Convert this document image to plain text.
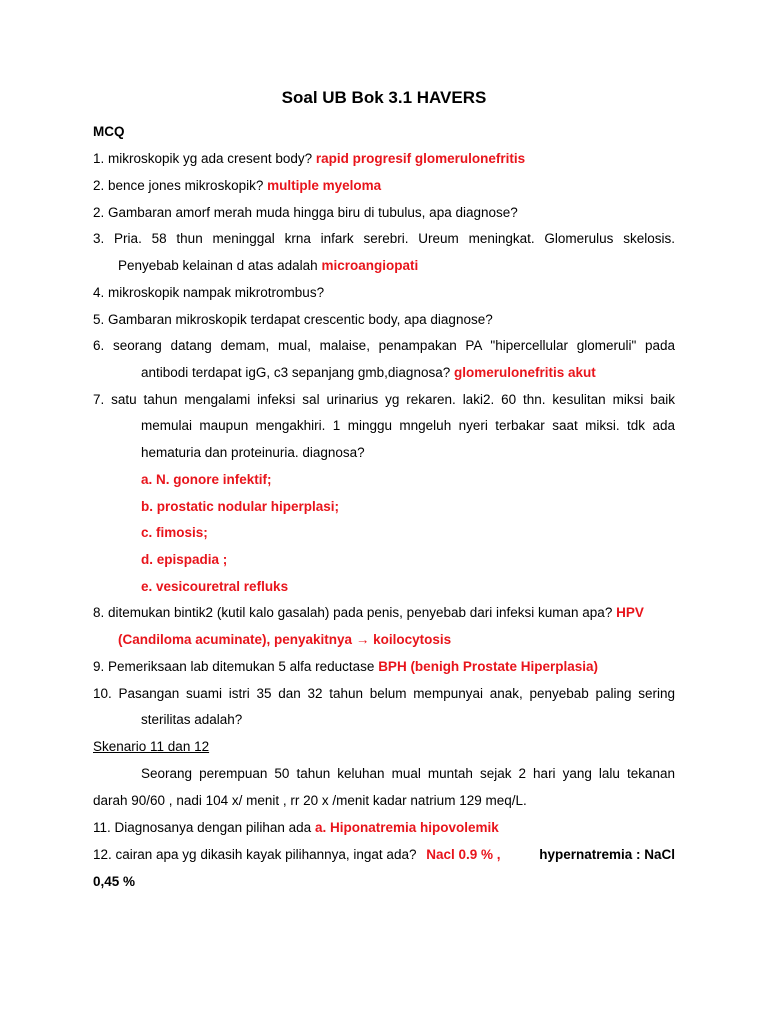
Soal UB Bok 3.1 HAVERS
MCQ
1. mikroskopik yg ada cresent body? rapid progresif glomerulonefritis
2. bence jones mikroskopik? multiple myeloma
2. Gambaran amorf merah muda hingga biru di tubulus, apa diagnose?
3. Pria. 58 thun meninggal krna infark serebri. Ureum meningkat. Glomerulus skelosis.
Penyebab kelainan d atas adalah microangiopati
4. mikroskopik nampak mikrotrombus?
5. Gambaran mikroskopik terdapat crescentic body, apa diagnose?
6. seorang datang demam, mual, malaise, penampakan PA "hipercellular glomeruli" pada
antibodi terdapat igG, c3 sepanjang gmb,diagnosa? glomerulonefritis akut
7. satu tahun mengalami infeksi sal urinarius yg rekaren. laki2. 60 thn. kesulitan miksi baik
memulai maupun mengakhiri. 1 minggu mngeluh nyeri terbakar saat miksi. tdk ada
hematuria dan proteinuria. diagnosa?
a. N. gonore infektif;
b. prostatic nodular hiperplasi;
c. fimosis;
d. epispadia ;
e. vesicouretral refluks
8. ditemukan bintik2 (kutil kalo gasalah) pada penis, penyebab dari infeksi kuman apa? HPV
(Candiloma acuminate), penyakitnya → koilocytosis
9. Pemeriksaan lab ditemukan 5 alfa reductase BPH (benigh Prostate Hiperplasia)
10. Pasangan suami istri 35 dan 32 tahun belum mempunyai anak, penyebab paling sering
sterilitas adalah?
Skenario 11 dan 12
Seorang perempuan 50 tahun keluhan mual muntah sejak 2 hari yang lalu tekanan
darah 90/60 , nadi 104 x/ menit , rr 20 x /menit kadar natrium 129 meq/L.
11. Diagnosanya dengan pilihan ada a. Hiponatremia hipovolemik
12. cairan apa yg dikasih kayak pilihannya, ingat ada? Nacl 0.9 % ,	hypernatremia : NaCl
0,45 %
